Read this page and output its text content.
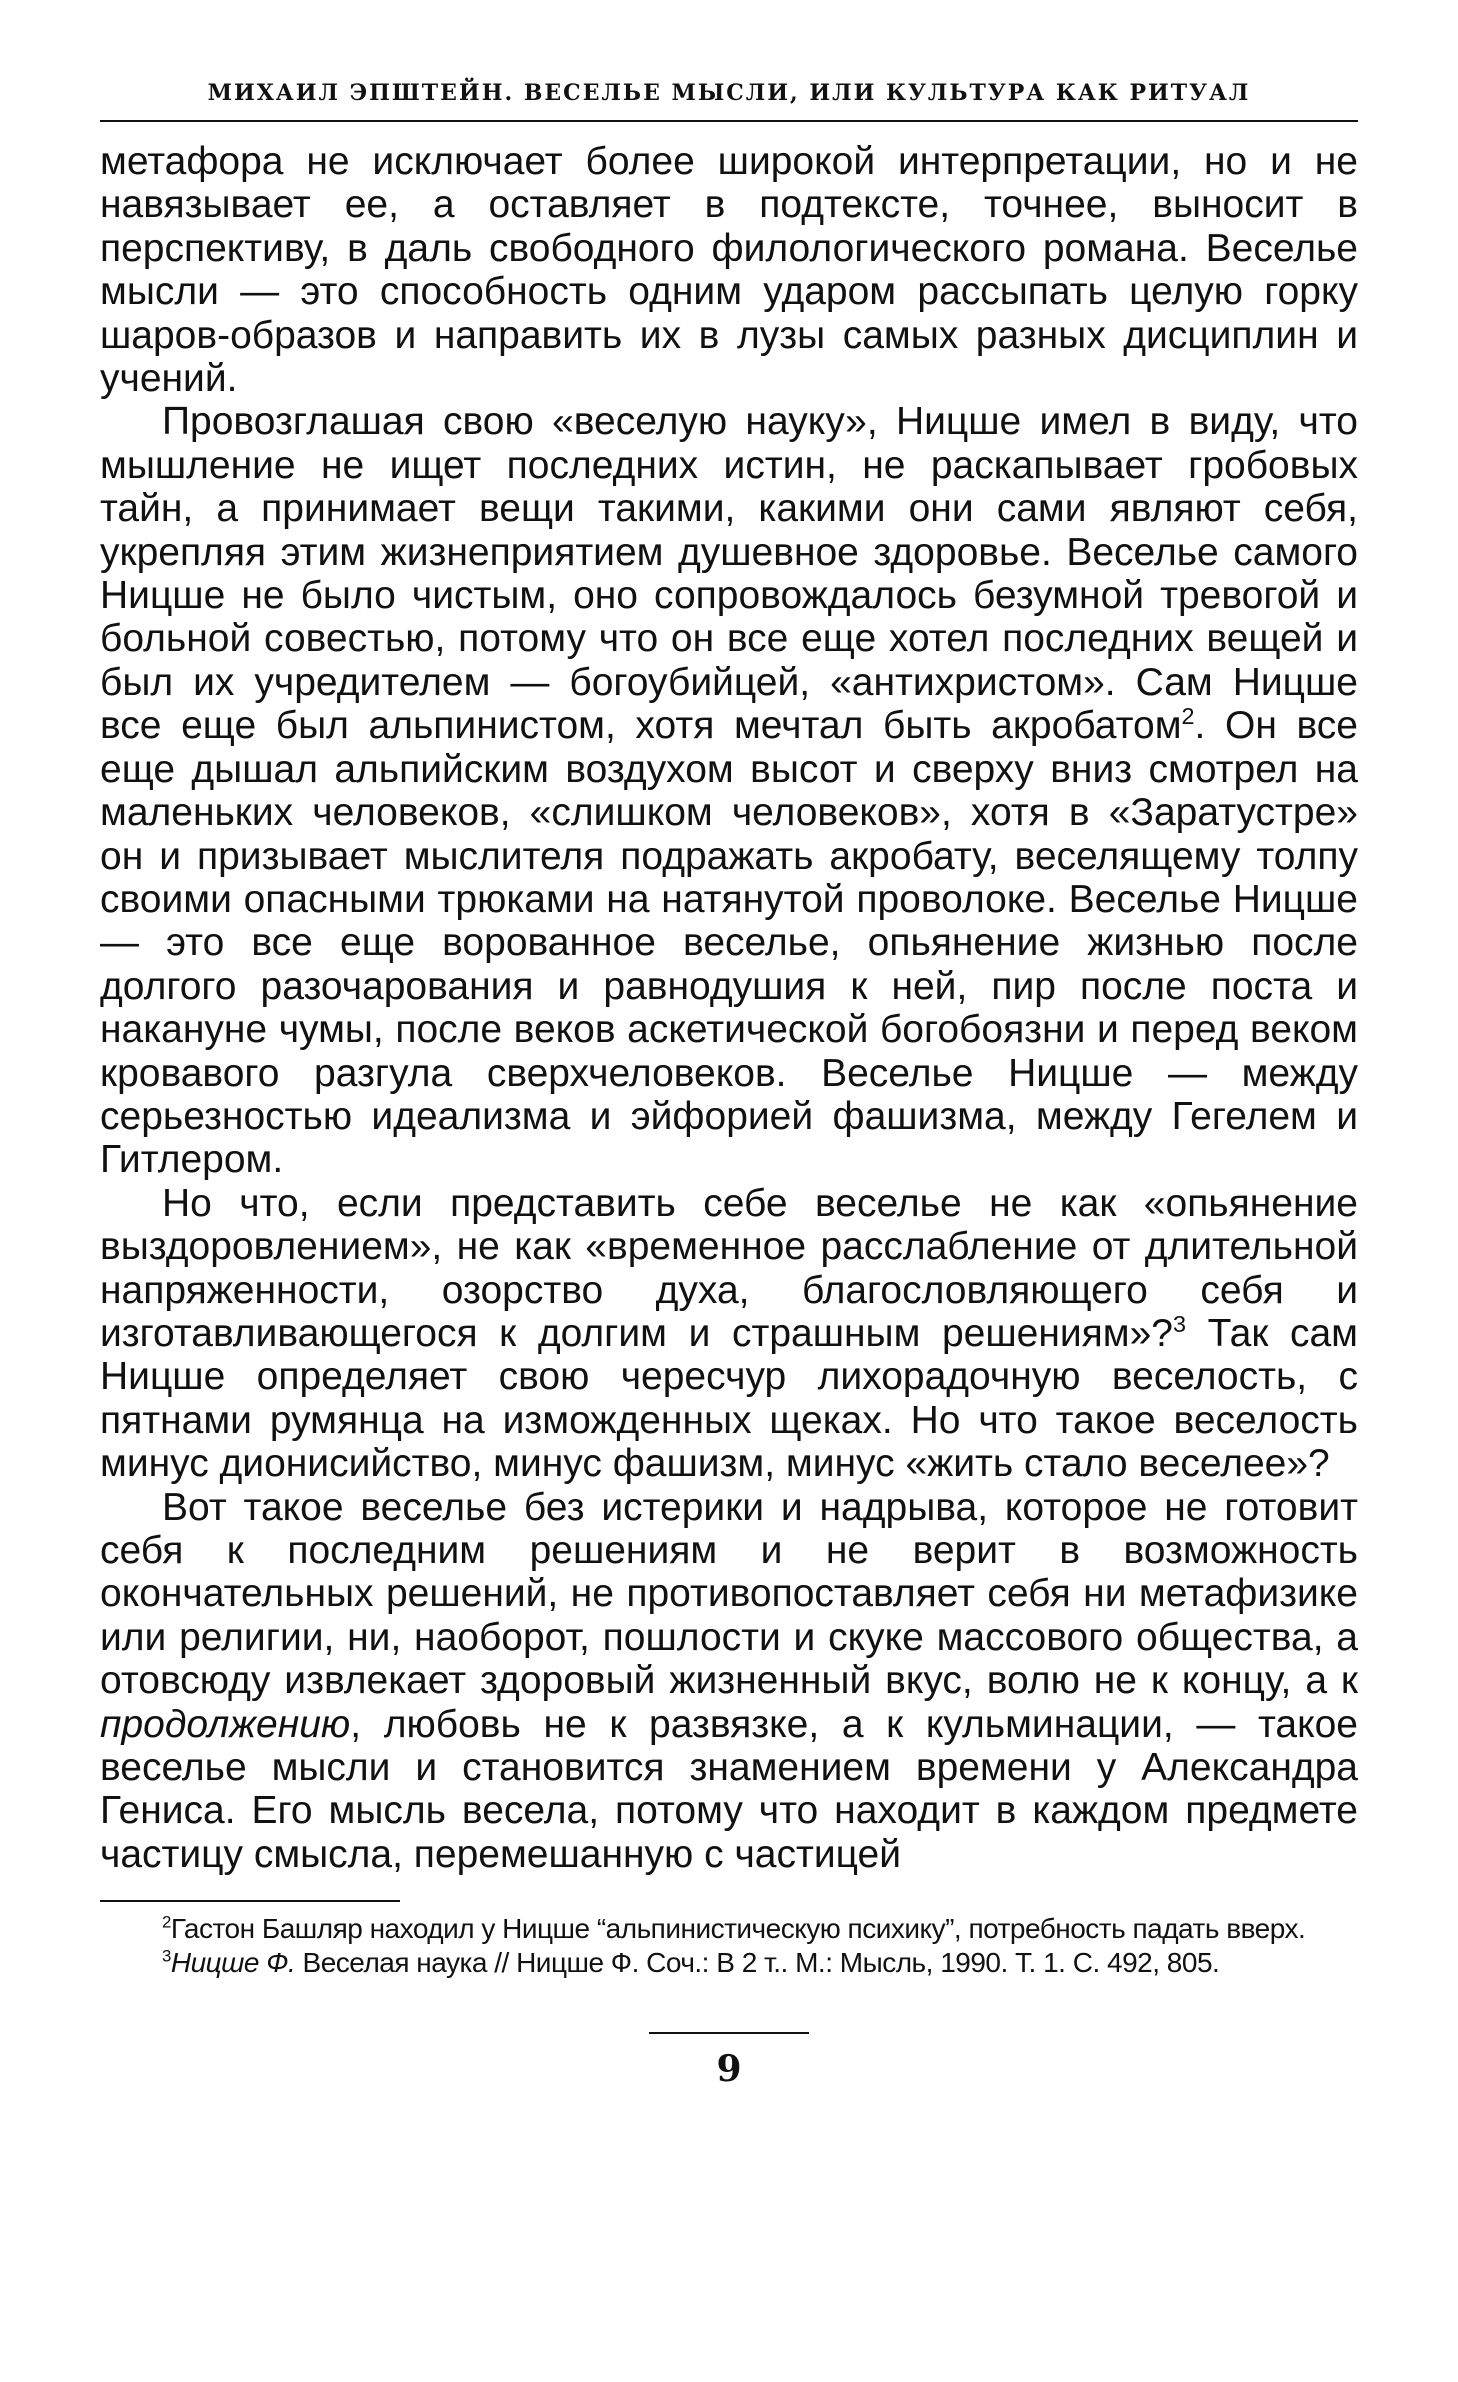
МИХАИЛ ЭПШТЕЙН. ВЕСЕЛЬЕ МЫСЛИ, ИЛИ КУЛЬТУРА КАК РИТУАЛ

метафора не исключает более широкой интерпретации, но и не навязывает ее, а оставляет в подтексте, точнее, выносит в перспективу, в даль свободного филологического романа. Веселье мысли — это способность одним ударом рассыпать целую горку шаров-образов и направить их в лузы самых разных дисциплин и учений.

Провозглашая свою «веселую науку», Ницше имел в виду, что мышление не ищет последних истин, не раскапывает гробовых тайн, а принимает вещи такими, какими они сами являют себя, укрепляя этим жизнеприятием душевное здоровье. Веселье самого Ницше не было чистым, оно сопровождалось безумной тревогой и больной совестью, потому что он все еще хотел последних вещей и был их учредителем — богоубийцей, «антихристом». Сам Ницше все еще был альпинистом, хотя мечтал быть акробатом$^2$. Он все еще дышал альпийским воздухом высот и сверху вниз смотрел на маленьких человеков, «слишком человеков», хотя в «Заратустре» он и призывает мыслителя подражать акробату, веселящему толпу своими опасными трюками на натянутой проволоке. Веселье Ницше — это все еще ворованное веселье, опьянение жизнью после долгого разочарования и равнодушия к ней, пир после поста и накануне чумы, после веков аскетической богобоязни и перед веком кровавого разгула сверхчеловеков. Веселье Ницше — между серьезностью идеализма и эйфорией фашизма, между Гегелем и Гитлером.

Но что, если представить себе веселье не как «опьянение выздоровлением», не как «временное расслабление от длительной напряженности, озорство духа, благословляющего себя и изготавливающегося к долгим и страшным решениям»?$^3$ Так сам Ницше определяет свою чересчур лихорадочную веселость, с пятнами румянца на изможденных щеках. Но что такое веселость минус дионисийство, минус фашизм, минус «жить стало веселее»?

Вот такое веселье без истерики и надрыва, которое не готовит себя к последним решениям и не верит в возможность окончательных решений, не противопоставляет себя ни метафизике или религии, ни, наоборот, пошлости и скуке массового общества, а отовсюду извлекает здоровый жизненный вкус, волю не к концу, а к продолжению, любовь не к развязке, а к кульминации, — такое веселье мысли и становится знамением времени у Александра Гениса. Его мысль весела, потому что находит в каждом предмете частицу смысла, перемешанную с частицей

$^2$Гастон Башляр находил у Ницше “альпинистическую психику”, потребность падать вверх.

$^3$Ницше Ф. Веселая наука // Ницше Ф. Соч.: В 2 т.. М.: Мысль, 1990. Т. 1. С. 492, 805.

9
